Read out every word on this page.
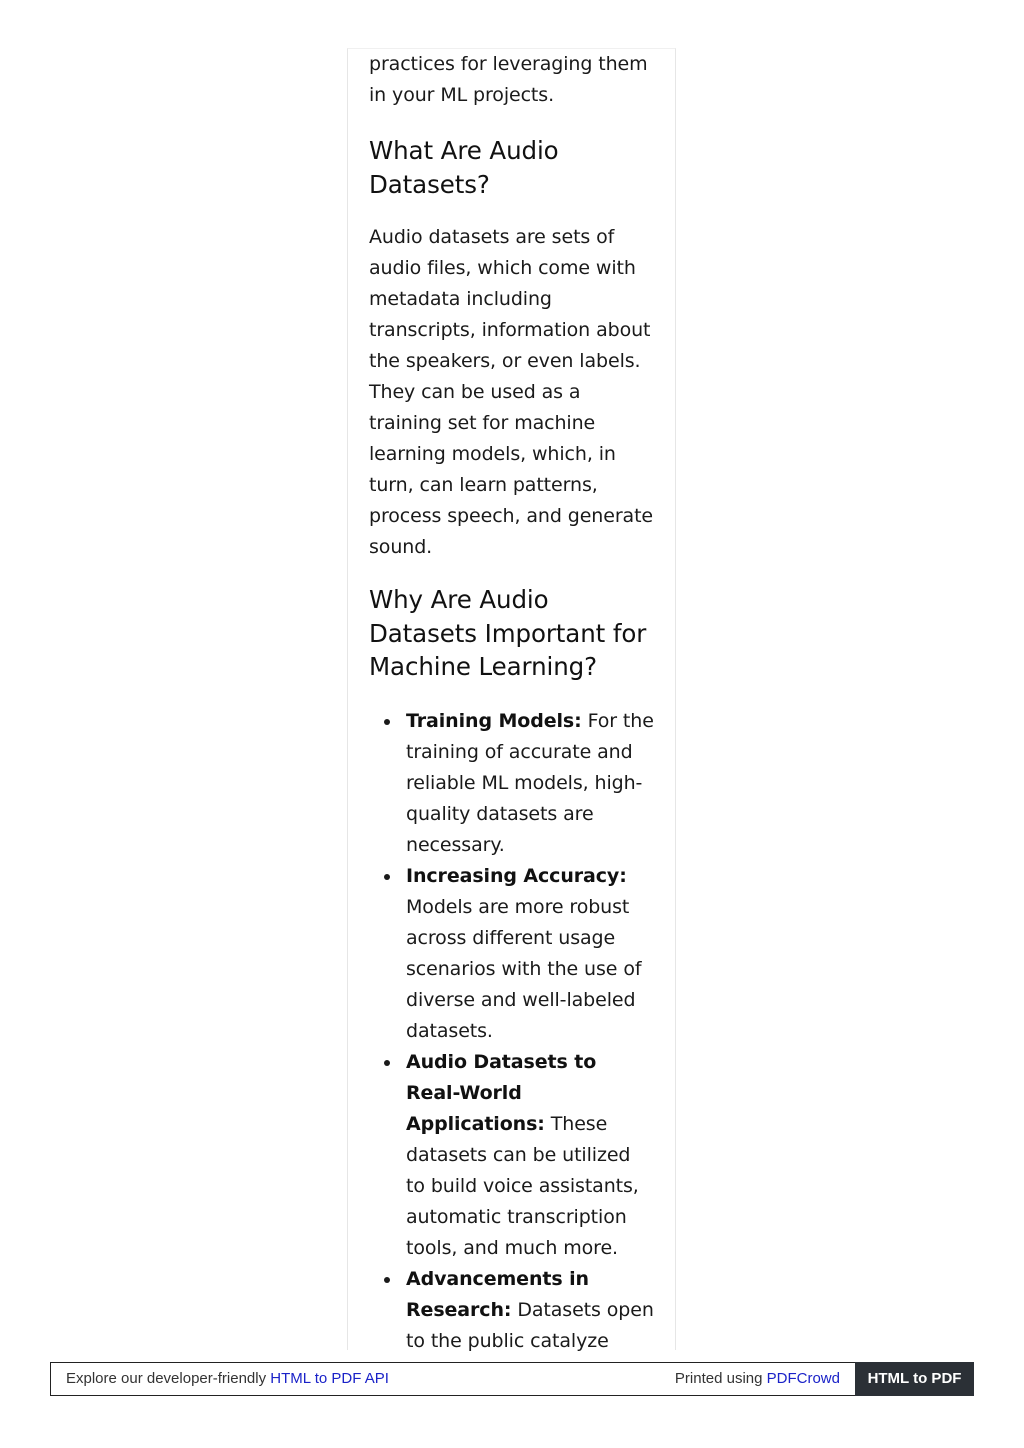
practices for leveraging them in your ML projects.

What Are Audio Datasets?

Audio datasets are sets of audio files, which come with metadata including transcripts, information about the speakers, or even labels. They can be used as a training set for machine learning models, which, in turn, can learn patterns, process speech, and generate sound.

Why Are Audio Datasets Important for Machine Learning?
Training Models: For the training of accurate and reliable ML models, high-quality datasets are necessary.
Increasing Accuracy: Models are more robust across different usage scenarios with the use of diverse and well-labeled datasets.
Audio Datasets to Real-World Applications: These datasets can be utilized to build voice assistants, automatic transcription tools, and much more.
Advancements in Research: Datasets open to the public catalyze
Explore our developer-friendly HTML to PDF API	Printed using PDFCrowd	HTML to PDF
